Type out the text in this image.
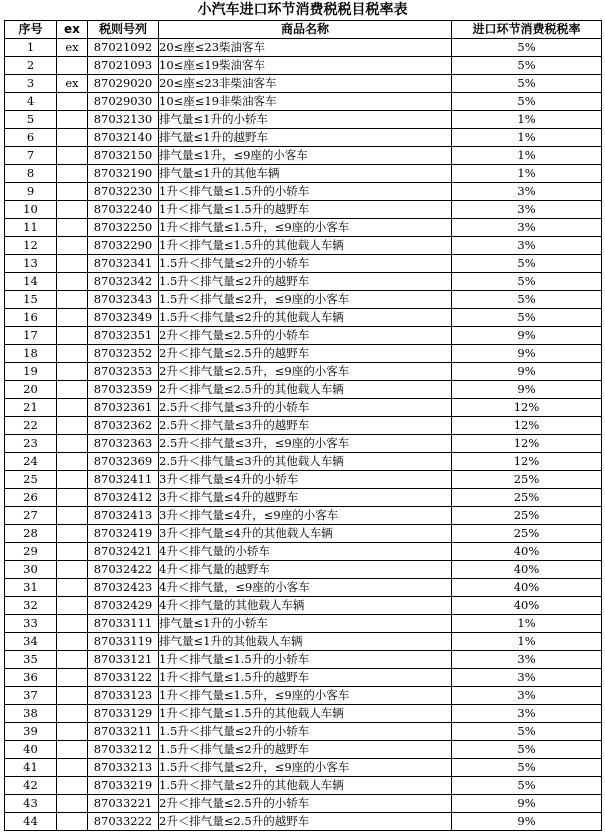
小汽车进口环节消费税税目税率表
序号	ex	税则号列	商品名称	进口环节消费税税率
1	ex	87021092	20≤座≤23柴油客车	5%
2		87021093	10≤座≤19柴油客车	5%
3	ex	87029020	20≤座≤23非柴油客车	5%
4		87029030	10≤座≤19非柴油客车	5%
5		87032130	排气量≤1升的小轿车	1%
6		87032140	排气量≤1升的越野车	1%
7		87032150	排气量≤1升，≤9座的小客车	1%
8		87032190	排气量≤1升的其他车辆	1%
9		87032230	1升＜排气量≤1.5升的小轿车	3%
10		87032240	1升＜排气量≤1.5升的越野车	3%
11		87032250	1升＜排气量≤1.5升，≤9座的小客车	3%
12		87032290	1升＜排气量≤1.5升的其他载人车辆	3%
13		87032341	1.5升＜排气量≤2升的小轿车	5%
14		87032342	1.5升＜排气量≤2升的越野车	5%
15		87032343	1.5升＜排气量≤2升，≤9座的小客车	5%
16		87032349	1.5升＜排气量≤2升的其他载人车辆	5%
17		87032351	2升＜排气量≤2.5升的小轿车	9%
18		87032352	2升＜排气量≤2.5升的越野车	9%
19		87032353	2升＜排气量≤2.5升，≤9座的小客车	9%
20		87032359	2升＜排气量≤2.5升的其他载人车辆	9%
21		87032361	2.5升＜排气量≤3升的小轿车	12%
22		87032362	2.5升＜排气量≤3升的越野车	12%
23		87032363	2.5升＜排气量≤3升，≤9座的小客车	12%
24		87032369	2.5升＜排气量≤3升的其他载人车辆	12%
25		87032411	3升＜排气量≤4升的小轿车	25%
26		87032412	3升＜排气量≤4升的越野车	25%
27		87032413	3升＜排气量≤4升，≤9座的小客车	25%
28		87032419	3升＜排气量≤4升的其他载人车辆	25%
29		87032421	4升＜排气量的小轿车	40%
30		87032422	4升＜排气量的越野车	40%
31		87032423	4升＜排气量，≤9座的小客车	40%
32		87032429	4升＜排气量的其他载人车辆	40%
33		87033111	排气量≤1升的小轿车	1%
34		87033119	排气量≤1升的其他载人车辆	1%
35		87033121	1升＜排气量≤1.5升的小轿车	3%
36		87033122	1升＜排气量≤1.5升的越野车	3%
37		87033123	1升＜排气量≤1.5升，≤9座的小客车	3%
38		87033129	1升＜排气量≤1.5升的其他载人车辆	3%
39		87033211	1.5升＜排气量≤2升的小轿车	5%
40		87033212	1.5升＜排气量≤2升的越野车	5%
41		87033213	1.5升＜排气量≤2升，≤9座的小客车	5%
42		87033219	1.5升＜排气量≤2升的其他载人车辆	5%
43		87033221	2升＜排气量≤2.5升的小轿车	9%
44		87033222	2升＜排气量≤2.5升的越野车	9%
